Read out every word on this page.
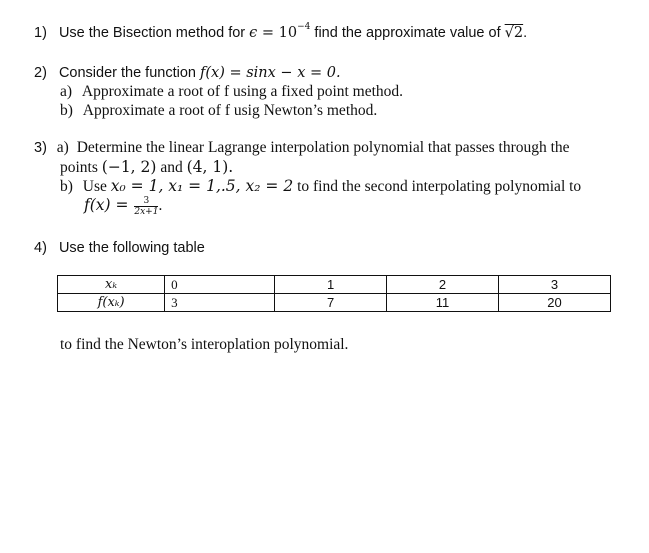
1) Use the Bisection method for $\epsilon = 10^{-4}$ find the approximate value of √2.
2) Consider the function f(x) = sinx − x = 0.
a) Approximate a root of f using a fixed point method.
b) Approximate a root of f usig Newton’s method.
3) a) Determine the linear Lagrange interpolation polynomial that passes through the
points (−1, 2) and (4, 1).
b) Use x₀ = 1, x₁ = 1,.5, x₂ = 2 to find the second interpolating polynomial to
$f(x) = \frac{3}{2x+1}$ .
4) Use the following table
xₖ	0	1	2	3
f(xₖ)	3	7	11	20
to find the Newton’s interoplation polynomial.
